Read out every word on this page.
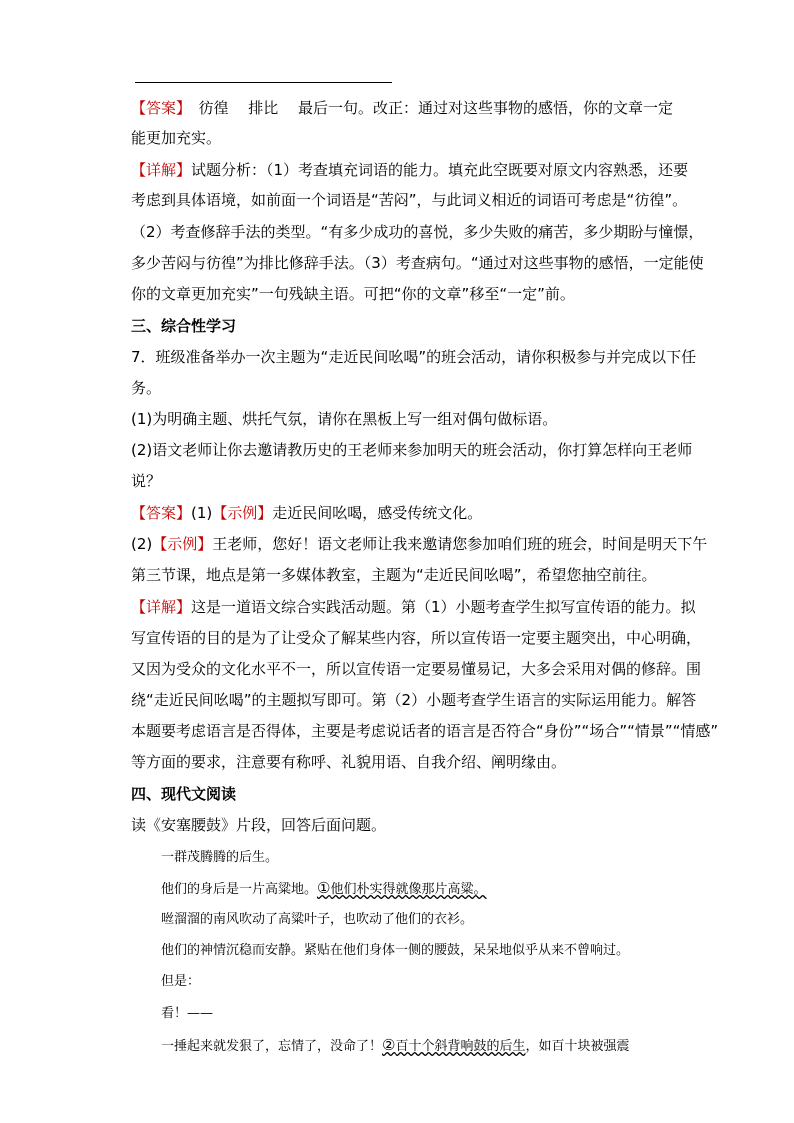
【答案】　彷徨　 排比　 最后一句。改正：通过对这些事物的感悟，你的文章一定
能更加充实。
【详解】试题分析：（1）考查填充词语的能力。填充此空既要对原文内容熟悉，还要
考虑到具体语境，如前面一个词语是“苦闷”，与此词义相近的词语可考虑是“彷徨”。
（2）考查修辞手法的类型。“有多少成功的喜悦，多少失败的痛苦，多少期盼与憧憬，
多少苦闷与彷徨”为排比修辞手法。（3）考查病句。“通过对这些事物的感悟，一定能使
你的文章更加充实”一句残缺主语。可把“你的文章”移至“一定”前。
三、综合性学习
7．班级准备举办一次主题为“走近民间吆喝”的班会活动，请你积极参与并完成以下任
务。
(1)为明确主题、烘托气氛，请你在黑板上写一组对偶句做标语。
(2)语文老师让你去邀请教历史的王老师来参加明天的班会活动，你打算怎样向王老师
说？
【答案】(1)【示例】走近民间吆喝，感受传统文化。
(2)【示例】王老师，您好！语文老师让我来邀请您参加咱们班的班会，时间是明天下午
第三节课，地点是第一多媒体教室，主题为“走近民间吆喝”，希望您抽空前往。
【详解】这是一道语文综合实践活动题。第（1）小题考查学生拟写宣传语的能力。拟
写宣传语的目的是为了让受众了解某些内容，所以宣传语一定要主题突出，中心明确，
又因为受众的文化水平不一，所以宣传语一定要易懂易记，大多会采用对偶的修辞。围
绕“走近民间吆喝”的主题拟写即可。第（2）小题考查学生语言的实际运用能力。解答
本题要考虑语言是否得体，主要是考虑说话者的语言是否符合“身份”“场合”“情景”“情感”
等方面的要求，注意要有称呼、礼貌用语、自我介绍、阐明缘由。
四、现代文阅读
读《安塞腰鼓》片段，回答后面问题。
一群茂腾腾的后生。
他们的身后是一片高粱地。①他们朴实得就像那片高粱。
咝溜溜的南风吹动了高粱叶子，也吹动了他们的衣衫。
他们的神情沉稳而安静。紧贴在他们身体一侧的腰鼓，呆呆地似乎从来不曾响过。
但是：
看！——
一捶起来就发狠了，忘情了，没命了！②百十个斜背响鼓的后生，如百十块被强震
